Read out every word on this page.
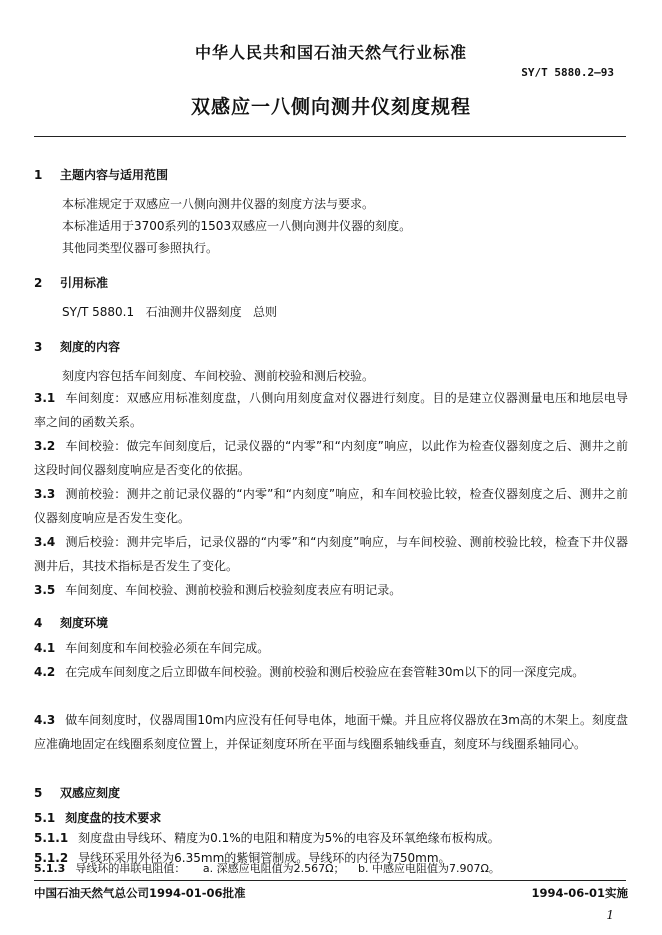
中华人民共和国石油天然气行业标准
SY/T 5880.2—93
双感应一八侧向测井仪刻度规程
1 主题内容与适用范围
本标准规定于双感应一八侧向测井仪器的刻度方法与要求。
本标准适用于3700系列的1503双感应一八侧向测井仪器的刻度。
其他同类型仪器可参照执行。
2 引用标准
SY/T 5880.1   石油测井仪器刻度   总则
3 刻度的内容
刻度内容包括车间刻度、车间校验、测前校验和测后校验。
3.1 车间刻度：双感应用标准刻度盘，八侧向用刻度盒对仪器进行刻度。目的是建立仪器测量电压和地层电导率之间的函数关系。
3.2 车间校验：做完车间刻度后，记录仪器的“内零”和“内刻度”响应，以此作为检查仪器刻度之后、测井之前这段时间仪器刻度响应是否变化的依据。
3.3 测前校验：测井之前记录仪器的“内零”和“内刻度”响应，和车间校验比较，检查仪器刻度之后、测井之前仪器刻度响应是否发生变化。
3.4 测后校验：测井完毕后，记录仪器的“内零”和“内刻度”响应，与车间校验、测前校验比较，检查下井仪器测井后，其技术指标是否发生了变化。
3.5 车间刻度、车间校验、测前校验和测后校验刻度表应有明记录。
4 刻度环境
4.1 车间刻度和车间校验必须在车间完成。
4.2 在完成车间刻度之后立即做车间校验。测前校验和测后校验应在套管鞋30m以下的同一深度完成。
4.3 做车间刻度时，仪器周围10m内应没有任何导电体，地面干燥。并且应将仪器放在3m高的木架上。刻度盘应准确地固定在线圈系刻度位置上，并保证刻度环所在平面与线圈系轴线垂直，刻度环与线圈系轴同心。
5 双感应刻度
5.1 刻度盘的技术要求
5.1.1 刻度盘由导线环、精度为0.1%的电阻和精度为5%的电容及环氧绝缘布板构成。
5.1.2 导线环采用外径为6.35mm的紫铜管制成。导线环的内径为750mm。
5.1.3 导线环的串联电阻值： a. 深感应电阻值为2.567Ω； b. 中感应电阻值为7.907Ω。
中国石油天然气总公司1994-01-06批准	1994-06-01实施
1
